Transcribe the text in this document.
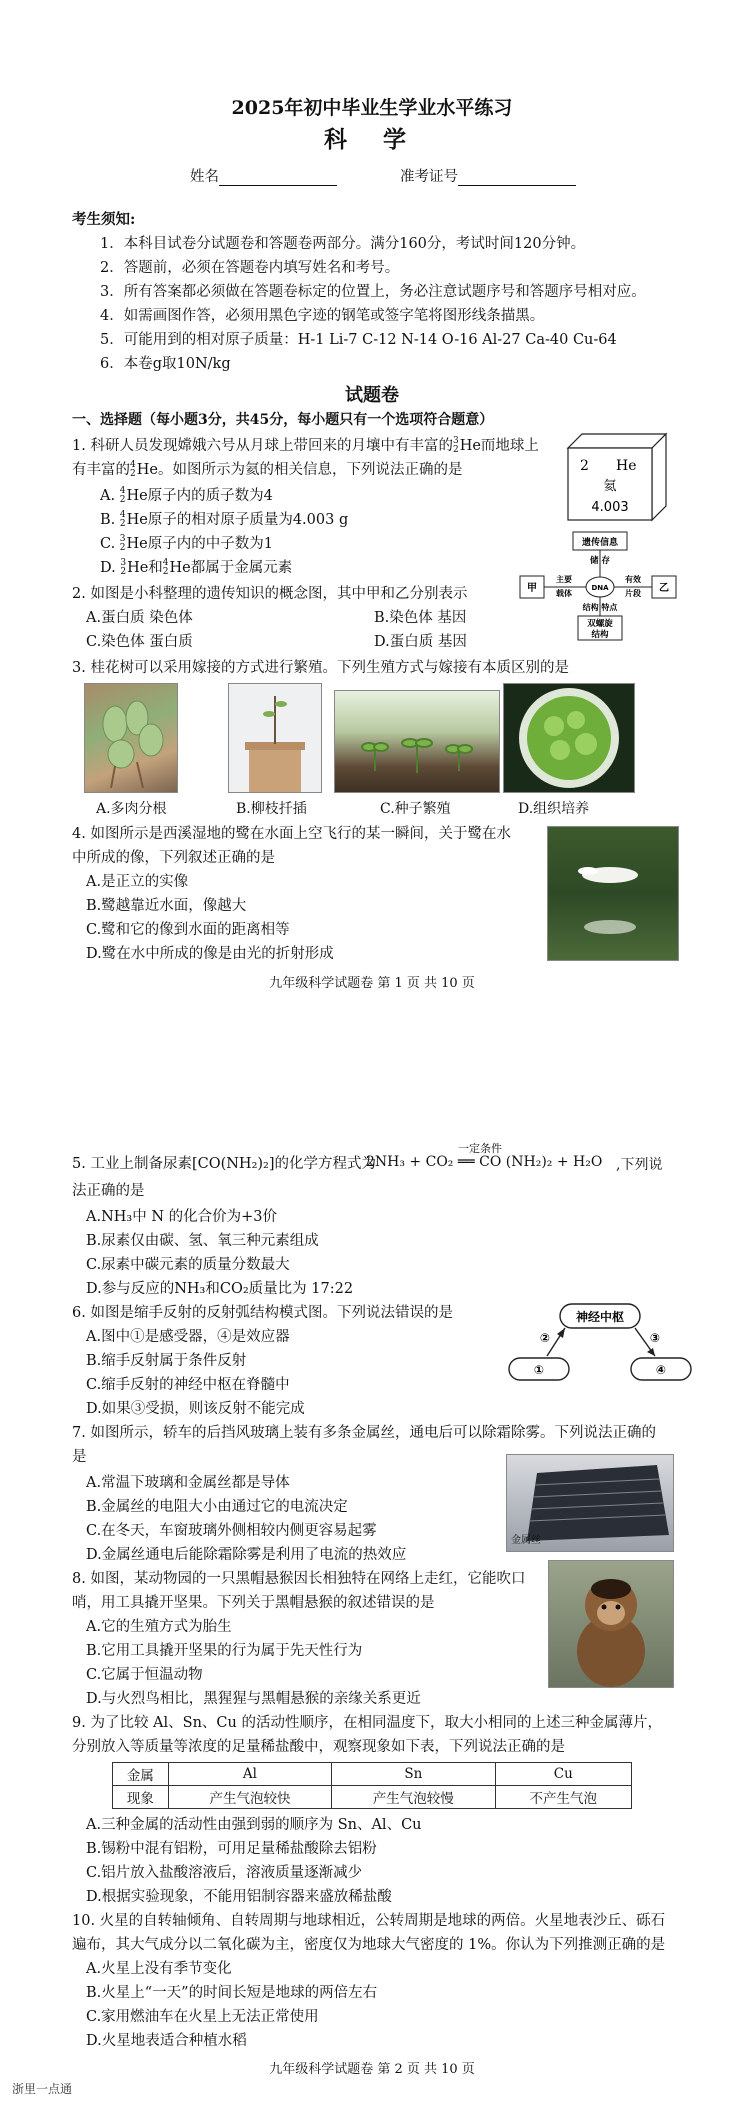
2025年初中毕业生学业水平练习
科 学
姓名	准考证号
考生须知:
1．本科目试卷分试题卷和答题卷两部分。满分160分，考试时间120分钟。
2．答题前，必须在答题卷内填写姓名和考号。
3．所有答案都必须做在答题卷标定的位置上，务必注意试题序号和答题序号相对应。
4．如需画图作答，必须用黑色字迹的钢笔或签字笔将图形线条描黑。
5．可能用到的相对原子质量：H-1 Li-7 C-12 N-14 O-16 Al-27 Ca-40 Cu-64
6．本卷g取10N/kg
试题卷
一、选择题（每小题3分，共45分，每小题只有一个选项符合题意）
1. 科研人员发现嫦娥六号从月球上带回来的月壤中有丰富的3
2He而地球上
有丰富的4
2He。如图所示为氦的相关信息，下列说法正确的是
A. 4
2He原子内的质子数为4
B. 4
2He原子的相对原子质量为4.003 g
C. 3
2He原子内的中子数为1
D. 3
2He和4
2He都属于金属元素
2 He
氦
4.003
2. 如图是小科整理的遗传知识的概念图，其中甲和乙分别表示
A.蛋白质 染色体	B.染色体 基因
C.染色体 蛋白质	D.蛋白质 基因
遗传信息
储 存
甲
主要
载体
DNA
有效
片段 乙
结构 特点
双螺旋
结构
3. 桂花树可以采用嫁接的方式进行繁殖。下列生殖方式与嫁接有本质区别的是
A.多肉分根	B.柳枝扦插	C.种子繁殖	D.组织培养
4. 如图所示是西溪湿地的鹭在水面上空飞行的某一瞬间，关于鹭在水
中所成的像，下列叙述正确的是
A.是正立的实像
B.鹭越靠近水面，像越大
C.鹭和它的像到水面的距离相等
D.鹭在水中所成的像是由光的折射形成
九年级科学试题卷 第 1 页 共 10 页
5. 工业上制备尿素[CO(NH₂)₂]的化学方程式为
一定条件
2NH₃ + CO₂ ══ CO (NH₂)₂ + H₂O ,下列说
法正确的是
A.NH₃中 N 的化合价为+3价
B.尿素仅由碳、氢、氧三种元素组成
C.尿素中碳元素的质量分数最大
D.参与反应的NH₃和CO₂质量比为 17:22
6. 如图是缩手反射的反射弧结构模式图。下列说法错误的是
A.图中①是感受器，④是效应器
B.缩手反射属于条件反射
C.缩手反射的神经中枢在脊髓中
D.如果③受损，则该反射不能完成
神经中枢
②	③
①	④
7. 如图所示，轿车的后挡风玻璃上装有多条金属丝，通电后可以除霜除雾。下列说法正确的
是
A.常温下玻璃和金属丝都是导体
B.金属丝的电阻大小由通过它的电流决定
C.在冬天，车窗玻璃外侧相较内侧更容易起雾
D.金属丝通电后能除霜除雾是利用了电流的热效应
金属丝
8. 如图，某动物园的一只黑帽悬猴因长相独特在网络上走红，它能吹口
哨，用工具撬开坚果。下列关于黑帽悬猴的叙述错误的是
A.它的生殖方式为胎生
B.它用工具撬开坚果的行为属于先天性行为
C.它属于恒温动物
D.与火烈鸟相比，黑猩猩与黑帽悬猴的亲缘关系更近
9. 为了比较 Al、Sn、Cu 的活动性顺序，在相同温度下，取大小相同的上述三种金属薄片，
分别放入等质量等浓度的足量稀盐酸中，观察现象如下表，下列说法正确的是
金属	Al	Sn	Cu
现象	产生气泡较快	产生气泡较慢	不产生气泡
A.三种金属的活动性由强到弱的顺序为 Sn、Al、Cu
B.锡粉中混有铝粉，可用足量稀盐酸除去铝粉
C.铝片放入盐酸溶液后，溶液质量逐渐减少
D.根据实验现象，不能用铝制容器来盛放稀盐酸
10. 火星的自转轴倾角、自转周期与地球相近，公转周期是地球的两倍。火星地表沙丘、砾石
遍布，其大气成分以二氧化碳为主，密度仅为地球大气密度的 1%。你认为下列推测正确的是
A.火星上没有季节变化
B.火星上“一天”的时间长短是地球的两倍左右
C.家用燃油车在火星上无法正常使用
D.火星地表适合种植水稻
九年级科学试题卷 第 2 页 共 10 页
浙里一点通
